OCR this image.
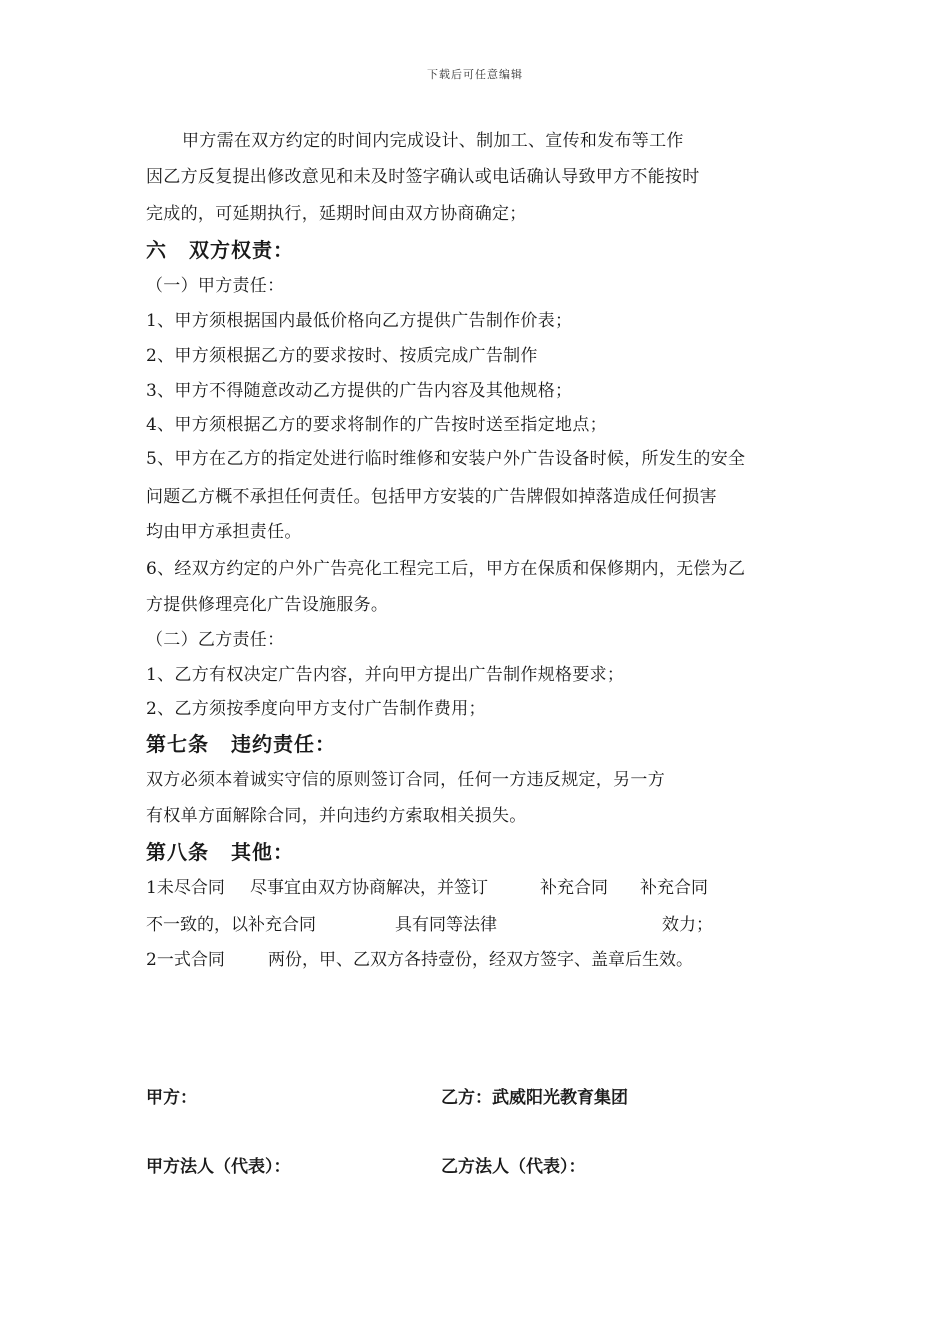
下载后可任意编辑
甲方需在双方约定的时间内完成设计、制加工、宣传和发布等工作
因乙方反复提出修改意见和未及时签字确认或电话确认导致甲方不能按时
完成的，可延期执行，延期时间由双方协商确定；
六 双方权责：
（一）甲方责任：
1、甲方须根据国内最低价格向乙方提供广告制作价表；
2、甲方须根据乙方的要求按时、按质完成广告制作
3、甲方不得随意改动乙方提供的广告内容及其他规格；
4、甲方须根据乙方的要求将制作的广告按时送至指定地点；
5、甲方在乙方的指定处进行临时维修和安装户外广告设备时候，所发生的安全
问题乙方概不承担任何责任。包括甲方安装的广告牌假如掉落造成任何损害
均由甲方承担责任。
6、经双方约定的户外广告亮化工程完工后，甲方在保质和保修期内，无偿为乙
方提供修理亮化广告设施服务。
（二）乙方责任：
1、乙方有权决定广告内容，并向甲方提出广告制作规格要求；
2、乙方须按季度向甲方支付广告制作费用；
第七条 违约责任：
双方必须本着诚实守信的原则签订合同，任何一方违反规定，另一方
有权单方面解除合同，并向违约方索取相关损失。
第八条 其他：
1未尽合同 尽事宜由双方协商解决，并签订	补充合同 补充合同
不一致的，以补充合同	具有同等法律	效力；
2一式合同	两份，甲、乙双方各持壹份，经双方签字、盖章后生效。
甲方：	乙方：武威阳光教育集团
甲方法人（代表）：	乙方法人（代表）：
